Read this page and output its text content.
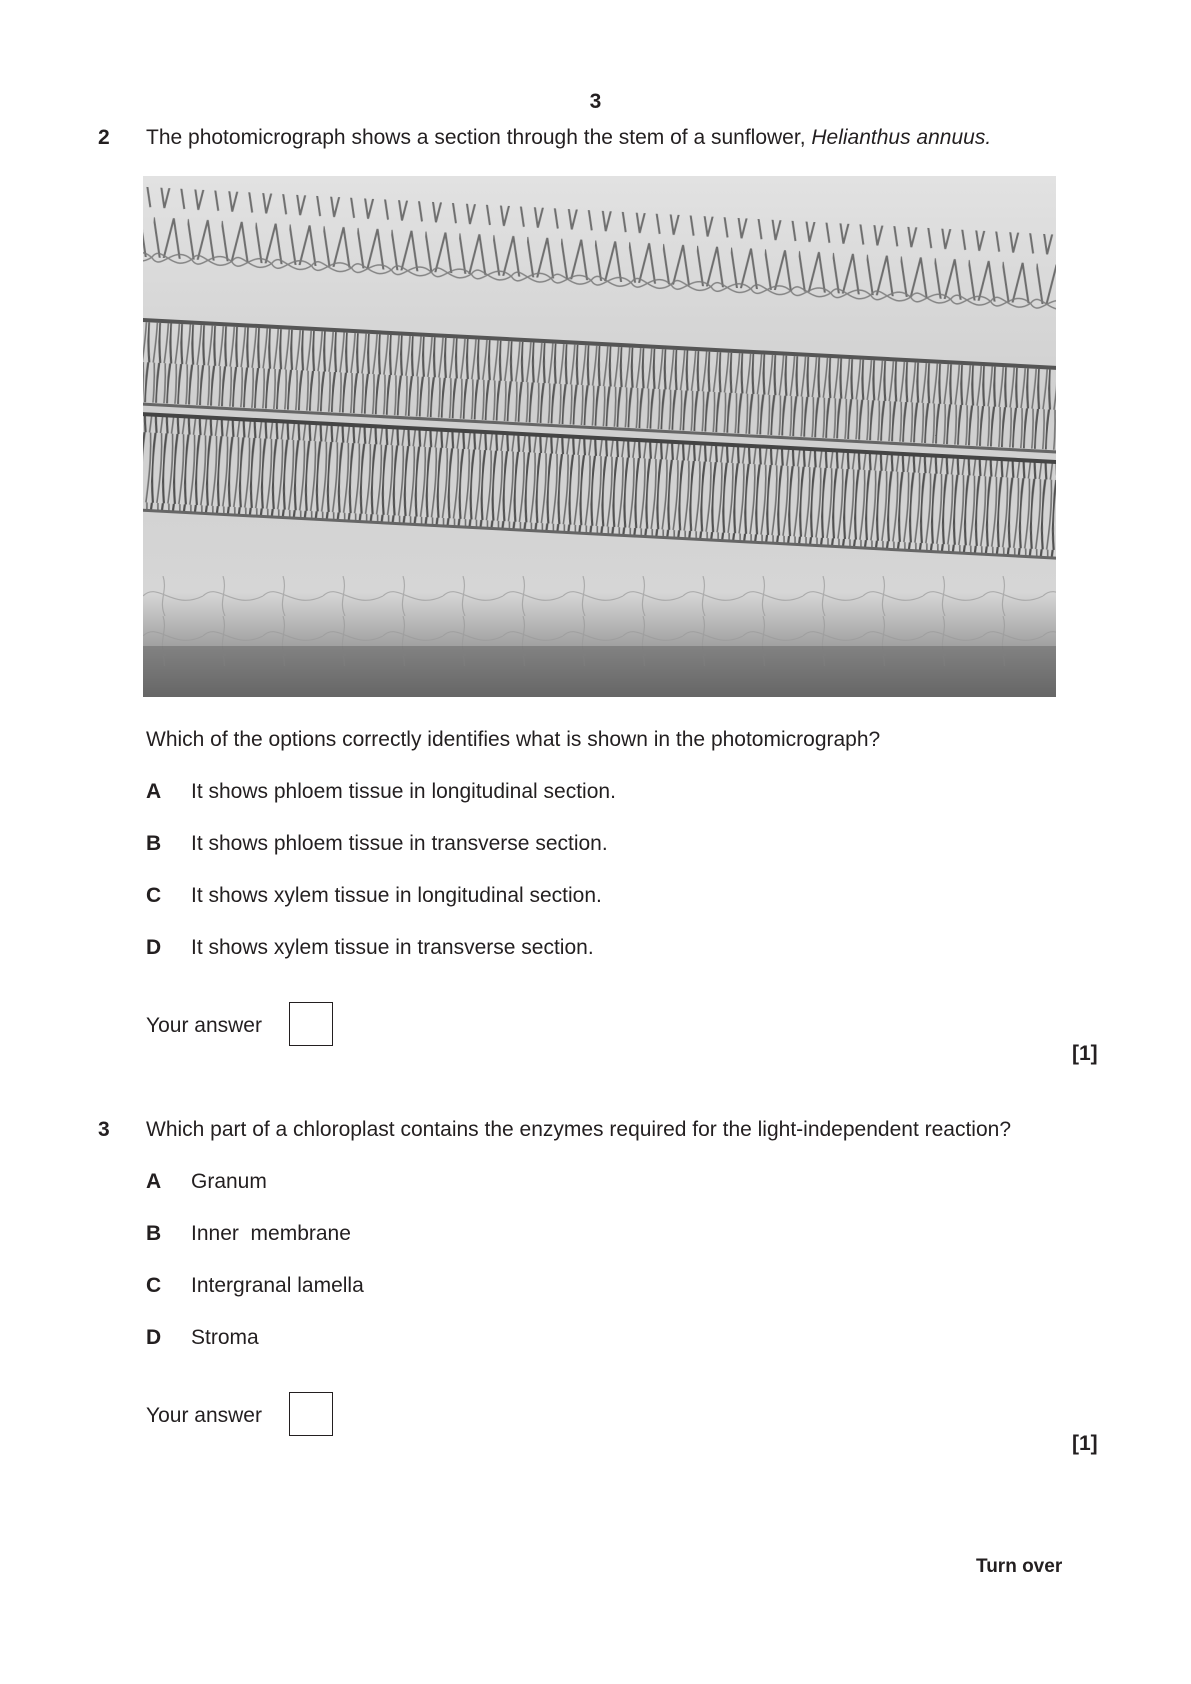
3
2 The photomicrograph shows a section through the stem of a sunflower, Helianthus annuus.
Which of the options correctly identifies what is shown in the photomicrograph?
A It shows phloem tissue in longitudinal section.
B It shows phloem tissue in transverse section.
C It shows xylem tissue in longitudinal section.
D It shows xylem tissue in transverse section.
Your answer
[1]
3 Which part of a chloroplast contains the enzymes required for the light-independent reaction?
A Granum
B Inner  membrane
C Intergranal lamella
D Stroma
Your answer
[1]
Turn over
